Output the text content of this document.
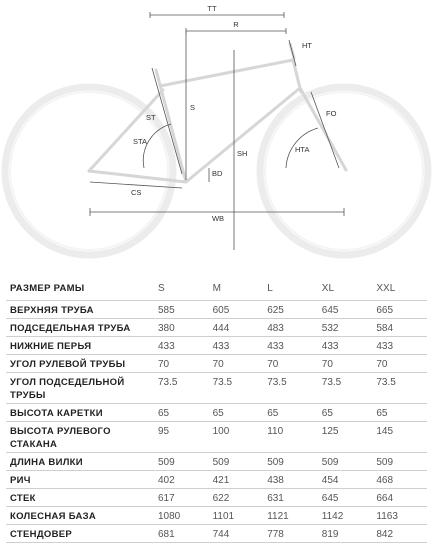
TT
R
HT
S
ST	FO
STA
HTA
SH
BD
CS
WB
РАЗМЕР РАМЫ	S	M	L	XL	XXL
ВЕРХНЯЯ ТРУБА	585	605	625	645	665
ПОДСЕДЕЛЬНАЯ ТРУБА	380	444	483	532	584
НИЖНИЕ ПЕРЬЯ	433	433	433	433	433
УГОЛ РУЛЕВОЙ ТРУБЫ	70	70	70	70	70
УГОЛ ПОДСЕДЕЛЬНОЙ ТРУБЫ	73.5	73.5	73.5	73.5	73.5
ВЫСОТА КАРЕТКИ	65	65	65	65	65
ВЫСОТА РУЛЕВОГО СТАКАНА	95	100	110	125	145
ДЛИНА ВИЛКИ	509	509	509	509	509
РИЧ	402	421	438	454	468
СТЕК	617	622	631	645	664
КОЛЕСНАЯ БАЗА	1080	1101	1121	1142	1163
СТЕНДОВЕР	681	744	778	819	842
